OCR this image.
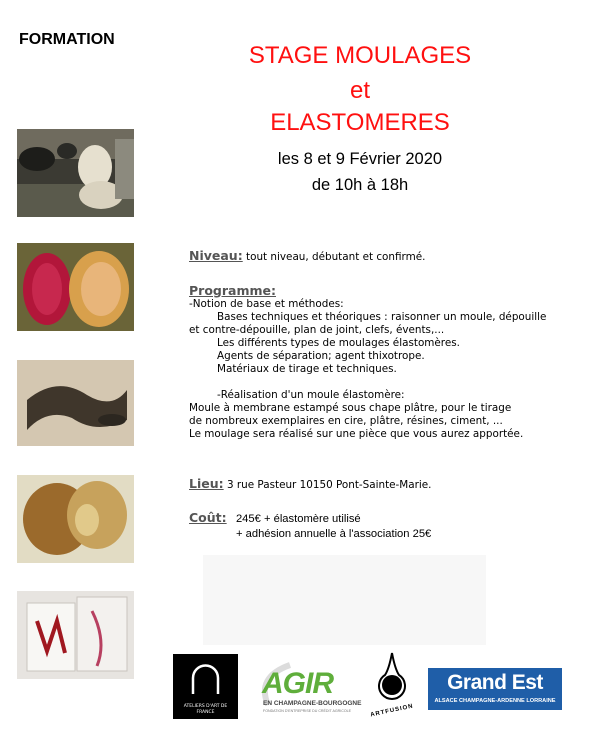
FORMATION
STAGE MOULAGES
et
ELASTOMERES
les 8 et 9 Février 2020
de 10h à 18h
Niveau: tout niveau, débutant et confirmé.
Programme:
-Notion de base et méthodes:
Bases techniques et théoriques : raisonner un moule, dépouille
et contre-dépouille, plan de joint, clefs, évents,...
Les différents types de moulages élastomères.
Agents de séparation; agent thixotrope.
Matériaux de tirage et techniques.
-Réalisation d'un moule élastomère:
Moule à membrane estampé sous chape plâtre, pour le tirage
de nombreux exemplaires en cire, plâtre, résines, ciment, ...
Le moulage sera réalisé sur une pièce que vous aurez apportée.
Lieu: 3 rue Pasteur 10150 Pont-Sainte-Marie.
Coût: 245€ + élastomère utilisé
+ adhésion annuelle à l'association 25€
ATELIERS D'ART DE FRANCE
AGIR
EN CHAMPAGNE-BOURGOGNE
FONDATION D'ENTREPRISE DU CRÉDIT AGRICOLE	ARTFUSION
Grand Est
ALSACE CHAMPAGNE-ARDENNE LORRAINE
